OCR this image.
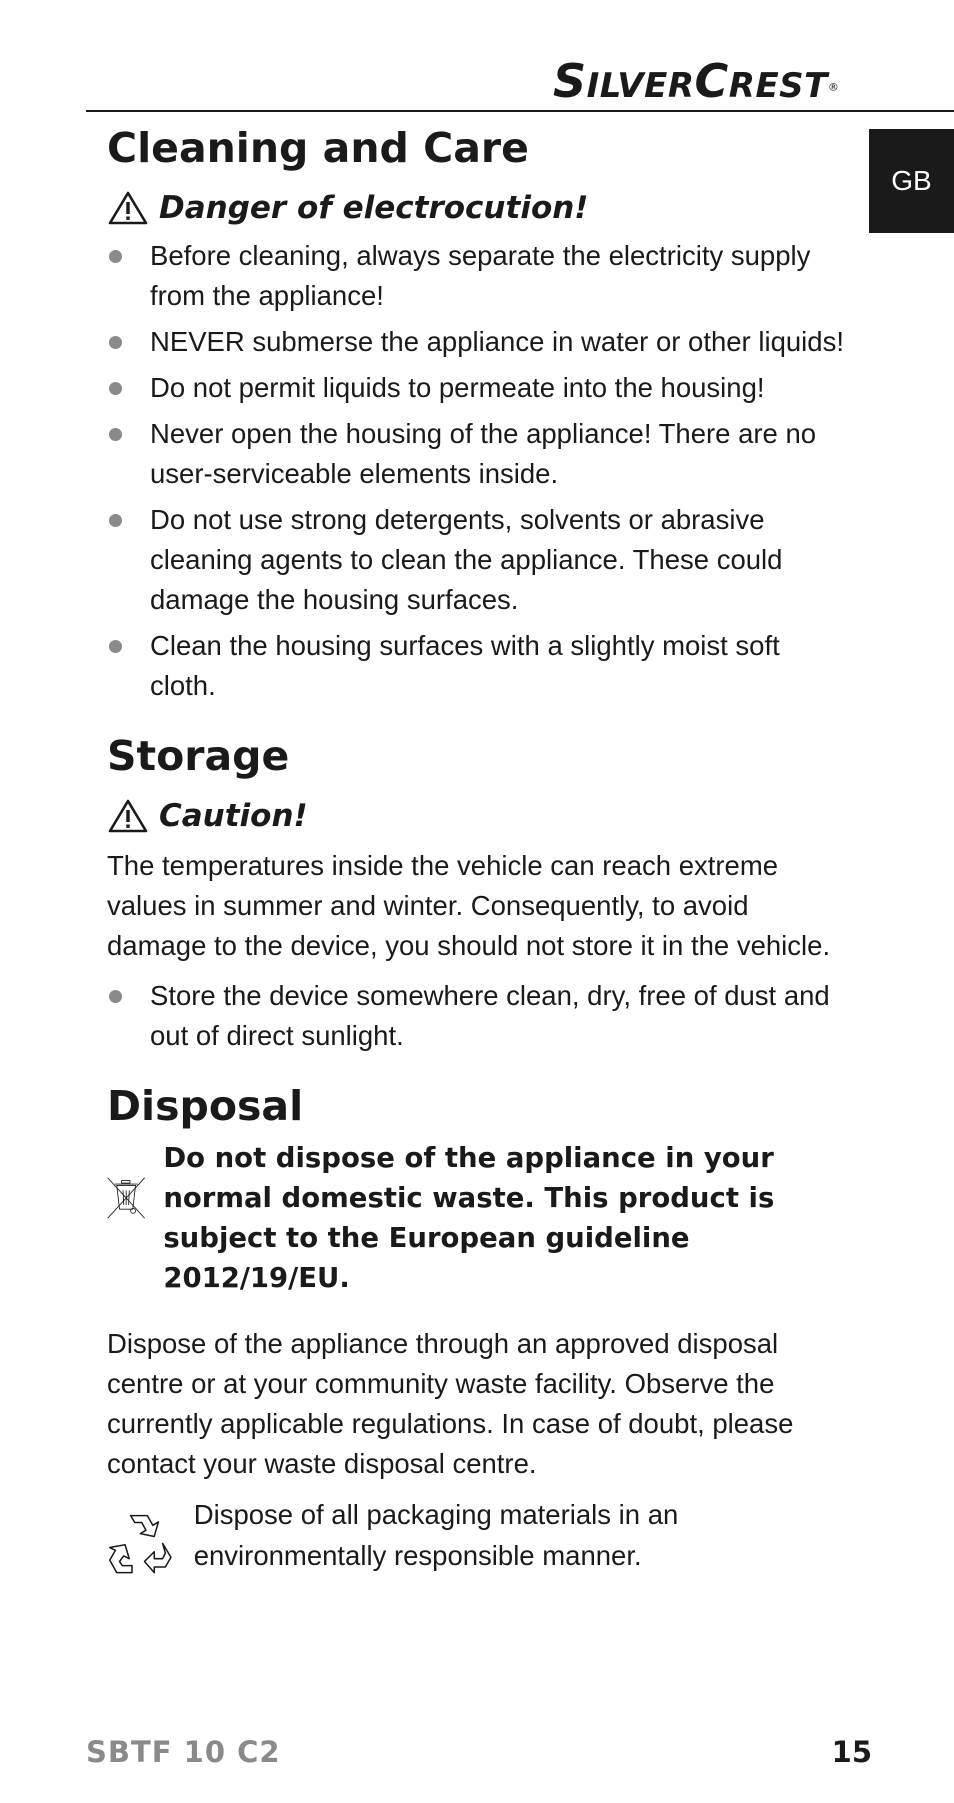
SILVERCREST®
GB
Cleaning and Care
Danger of electrocution!
Before cleaning, always separate the electricity supply from the appliance!
NEVER submerse the appliance in water or other liquids!
Do not permit liquids to permeate into the housing!
Never open the housing of the appliance! There are no user-serviceable elements inside.
Do not use strong detergents, solvents or abrasive cleaning agents to clean the appliance. These could damage the housing surfaces.
Clean the housing surfaces with a slightly moist soft cloth.
Storage
Caution!

The temperatures inside the vehicle can reach extreme values in summer and winter. Consequently, to avoid damage to the device, you should not store it in the vehicle.

Store the device somewhere clean, dry, free of dust and out of direct sunlight.
Disposal
Do not dispose of the appliance in your normal domestic waste. This product is subject to the European guideline 2012/19/EU.

Dispose of the appliance through an approved disposal centre or at your community waste facility. Observe the currently applicable regulations. In case of doubt, please contact your waste disposal centre.

Dispose of all packaging materials in an environmentally responsible manner.

SBTF 10 C2	15
